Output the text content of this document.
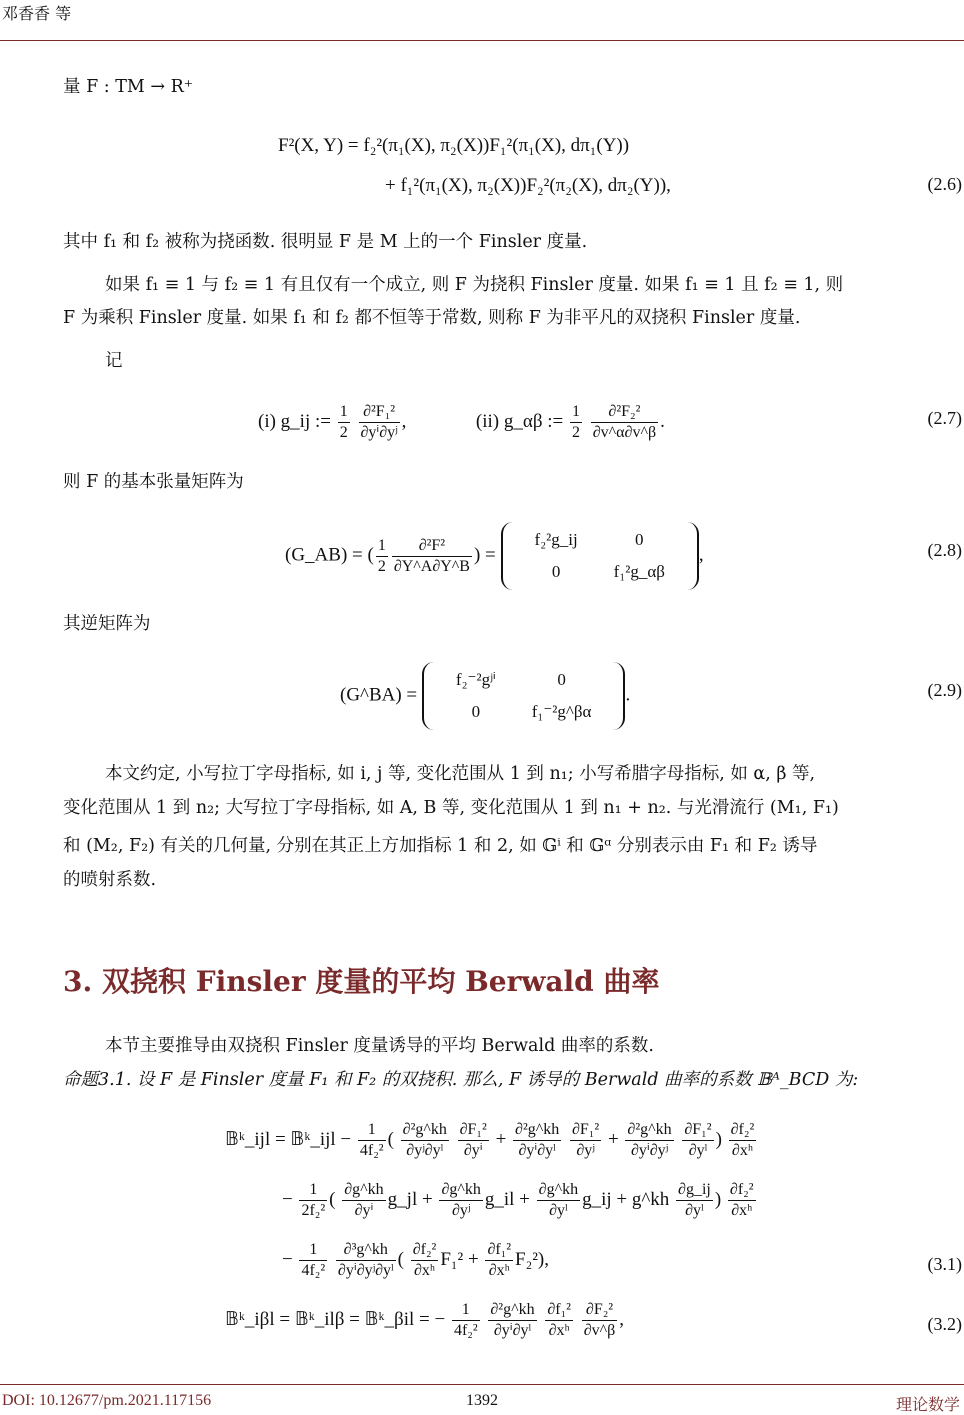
邓香香 等
量 F : TM → R⁺
F²(X, Y) = f₂²(π₁(X), π₂(X))F₁²(π₁(X), dπ₁(Y))
+ f₁²(π₁(X), π₂(X))F₂²(π₂(X), dπ₂(Y)),	(2.6)
其中 f₁ 和 f₂ 被称为挠函数. 很明显 F 是 M 上的一个 Finsler 度量.
如果 f₁ ≡ 1 与 f₂ ≡ 1 有且仅有一个成立, 则 F 为挠积 Finsler 度量. 如果 f₁ ≡ 1 且 f₂ ≡ 1, 则
F 为乘积 Finsler 度量. 如果 f₁ 和 f₂ 都不恒等于常数, 则称 F 为非平凡的双挠积 Finsler 度量.
记
(i) g_ij := $\frac{1}{2}$
$\frac{\text{∂²F₁²}}{\text{∂yⁱ∂yʲ}}$ ,	(ii) g_αβ := $\frac{1}{2}$
$\frac{\text{∂²F₂²}}{\partial v\^{}\alpha\partial v\^{}\beta}$ .	(2.7)
则 F 的基本张量矩阵为
(G_AB) = ( $\frac{1}{2} \frac{\text{∂²F²}}{\partial Y\^{}A\partial Y\^{}B}$ ) =
f₂²g_ij	0
0	f₁²g_αβ
,	(2.8)
其逆矩阵为
(G^BA) =
f₂⁻²gʲⁱ	0
0	f₁⁻²g^βα
.	(2.9)
本文约定, 小写拉丁字母指标, 如 i, j 等, 变化范围从 1 到 n₁; 小写希腊字母指标, 如 α, β 等,
变化范围从 1 到 n₂; 大写拉丁字母指标, 如 A, B 等, 变化范围从 1 到 n₁ + n₂. 与光滑流行 (M₁, F₁)
和 (M₂, F₂) 有关的几何量, 分别在其正上方加指标 1 和 2, 如 𝔾ⁱ 和 𝔾ᵅ 分别表示由 F₁ 和 F₂ 诱导
的喷射系数.
3. 双挠积 Finsler 度量的平均 Berwald 曲率
本节主要推导由双挠积 Finsler 度量诱导的平均 Berwald 曲率的系数.
命题3.1. 设 F 是 Finsler 度量 F₁ 和 F₂ 的双挠积. 那么, F 诱导的 Berwald 曲率的系数 𝔹ᴬ_BCD 为:
𝔹ᵏ_ijl = 𝔹ᵏ_ijl − $\frac{1}{\text{4f₂²}}$ ( $\frac{\text{∂²g\textasciicircum{}kh}}{\text{∂yʲ∂yˡ}}$
$\frac{\text{∂F₁²}}{\text{∂yⁱ}} + \frac{\text{∂²g\textasciicircum{}kh}}{\text{∂yⁱ∂yˡ}}$
$\frac{\text{∂F₁²}}{\text{∂yʲ}} + \frac{\text{∂²g\textasciicircum{}kh}}{\text{∂yⁱ∂yʲ}}$
$\frac{\text{∂F₁²}}{\text{∂yˡ}}$ ) $\frac{\text{∂f₂²}}{\text{∂xʰ}}$
− $\frac{1}{\text{2f₂²}}$ ( $\frac{\partial g\^{}kh}{\text{∂yⁱ}}$ g_jl + $\frac{\partial g\^{}kh}{\text{∂yʲ}}$ g_il + $\frac{\partial g\^{}kh}{\text{∂yˡ}}$ g_ij + g^kh $\frac{\partial g\_ij}{\text{∂yˡ}}$ ) $\frac{\text{∂f₂²}}{\text{∂xʰ}}$
− $\frac{1}{\text{4f₂²}}$
$\frac{\text{∂³g\textasciicircum{}kh}}{\text{∂yⁱ∂yʲ∂yˡ}}$ ( $\frac{\text{∂f₂²}}{\text{∂xʰ}} F_1^2 + \frac{\text{∂f₁²}}{\text{∂xʰ}} F_2^2$),	(3.1)
𝔹ᵏ_iβl = 𝔹ᵏ_ilβ = 𝔹ᵏ_βil = − $\frac{1}{\text{4f₂²}}$
$\frac{\text{∂²g\textasciicircum{}kh}}{\text{∂yⁱ∂yˡ}}$
$\frac{\text{∂f₁²}}{\text{∂xʰ}}$
$\frac{\text{∂F₂²}}{\partial v\^{}\beta}$ ,	(3.2)
DOI: 10.12677/pm.2021.117156	1392	理论数学
